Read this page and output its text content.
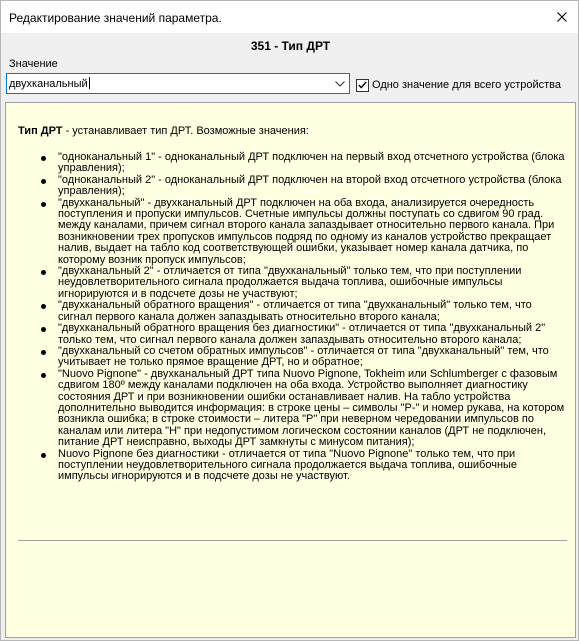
Редактирование значений параметра.
351 - Тип ДРТ
Значение
двухканальный	Одно значение для всего устройства
Тип ДРТ - устанавливает тип ДРТ. Возможные значения:
"одноканальный 1" - одноканальный ДРТ подключен на первый вход отсчетного устройства (блока управления);
"одноканальный 2" - одноканальный ДРТ подключен на второй вход отсчетного устройства (блока управления);
"двухканальный" - двухканальный ДРТ подключен на оба входа, анализируется очередность поступления и пропуски импульсов. Счетные импульсы должны поступать со сдвигом 90 град. между каналами, причем сигнал второго канала запаздывает относительно первого канала. При возникновении трех пропусков импульсов подряд по одному из каналов устройство прекращает налив, выдает на табло код соответствующей ошибки, указывает номер канала датчика, по которому возник пропуск импульсов;
"двухканальный 2" - отличается от типа "двухканальный" только тем, что при поступлении неудовлетворительного сигнала продолжается выдача топлива, ошибочные импульсы игнорируются и в подсчете дозы не участвуют;
"двухканальный обратного вращения" - отличается от типа "двухканальный" только тем, что сигнал первого канала должен запаздывать относительно второго канала;
"двухканальный обратного вращения без диагностики" - отличается от типа "двухканальный 2" только тем, что сигнал первого канала должен запаздывать относительно второго канала;
"двухканальный со счетом обратных импульсов" - отличается от типа "двухканальный" тем, что учитывает не только прямое вращение ДРТ, но и обратное;
"Nuovo Pignone" - двухканальный ДРТ типа Nuovo Pignone, Tokheim или Schlumberger с фазовым сдвигом 180º между каналами подключен на оба входа. Устройство выполняет диагностику состояния ДРТ и при возникновении ошибки останавливает налив. На табло устройства дополнительно выводится информация: в строке цены – символы "Р-" и номер рукава, на котором возникла ошибка; в строке стоимости – литера "Р" при неверном чередовании импульсов по каналам или литера "Н" при недопустимом логическом состоянии каналов (ДРТ не подключен, питание ДРТ неисправно, выходы ДРТ замкнуты с минусом питания);
Nuovo Pignone без диагностики - отличается от типа "Nuovo Pignone" только тем, что при поступлении неудовлетворительного сигнала продолжается выдача топлива, ошибочные импульсы игнорируются и в подсчете дозы не участвуют.
